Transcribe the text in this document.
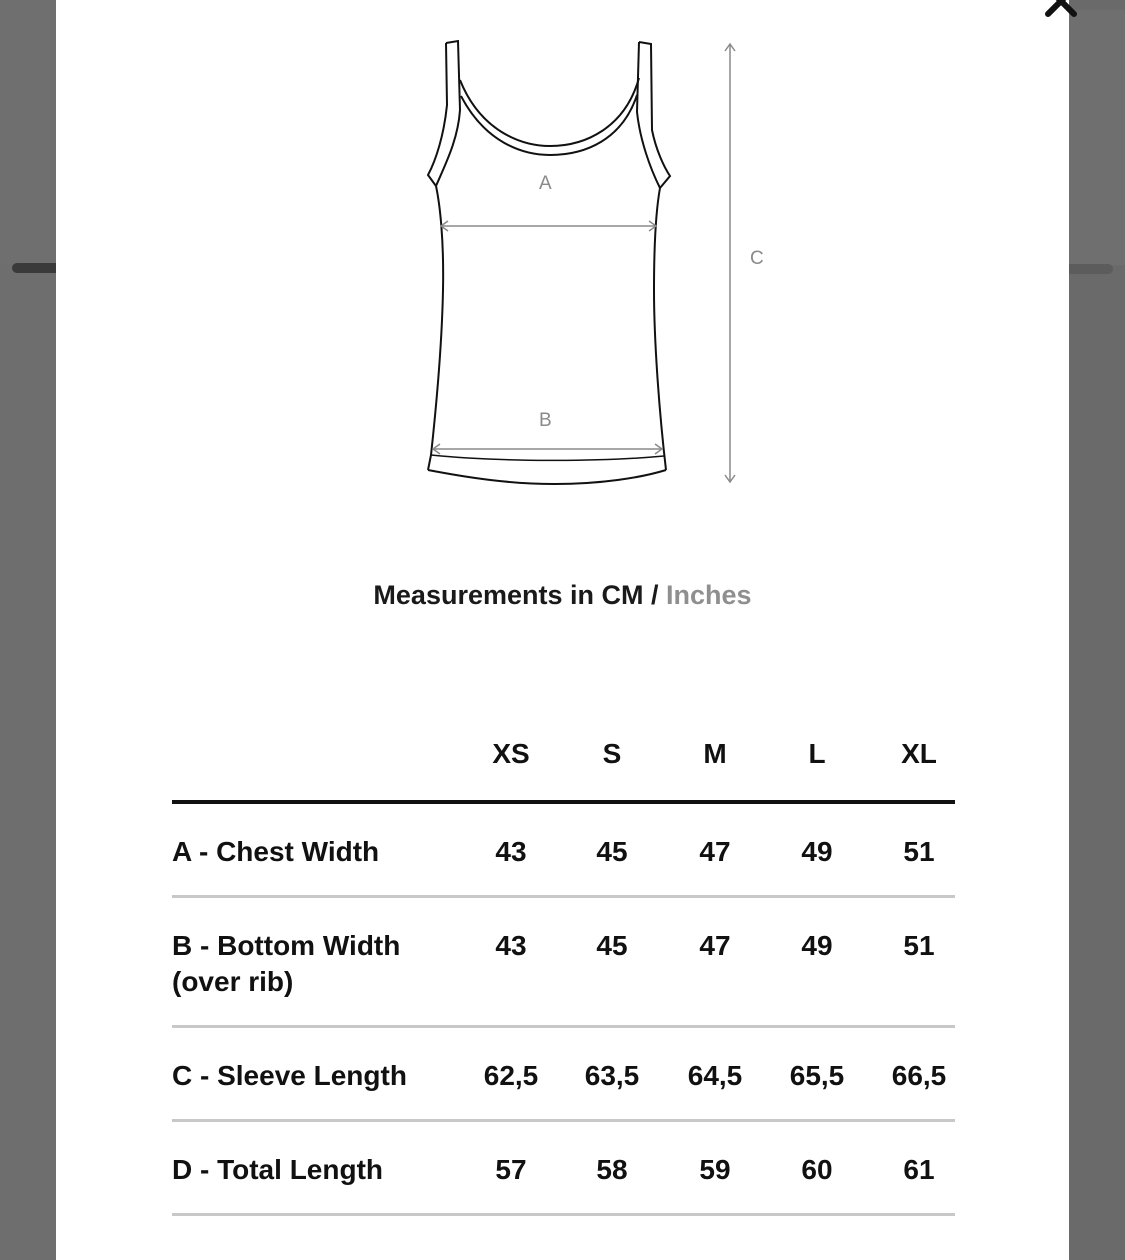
A
B
C
Measurements in CM / Inches
XS	S	M	L	XL
A - Chest Width	43	45	47	49	51
B - Bottom Width
(over rib)
43	45	47	49	51
C - Sleeve Length	62,5	63,5	64,5	65,5	66,5
D - Total Length	57	58	59	60	61
